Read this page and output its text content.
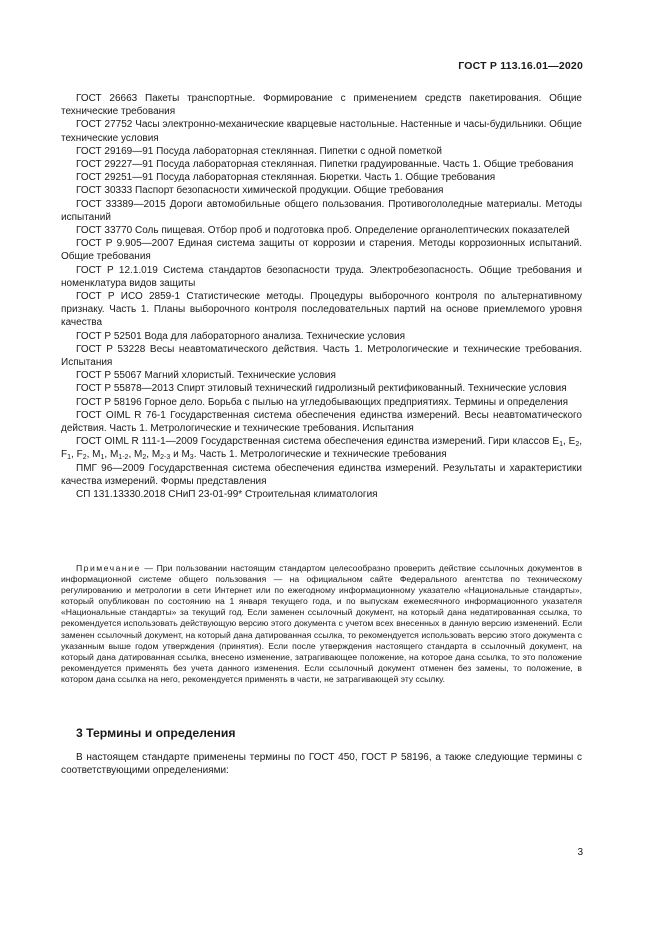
ГОСТ Р 113.16.01—2020

ГОСТ 26663 Пакеты транспортные. Формирование с применением средств пакетирования. Общие технические требования

ГОСТ 27752 Часы электронно-механические кварцевые настольные. Настенные и часы-будильники. Общие технические условия

ГОСТ 29169—91 Посуда лабораторная стеклянная. Пипетки с одной пометкой

ГОСТ 29227—91 Посуда лабораторная стеклянная. Пипетки градуированные. Часть 1. Общие требования

ГОСТ 29251—91 Посуда лабораторная стеклянная. Бюретки. Часть 1. Общие требования

ГОСТ 30333 Паспорт безопасности химической продукции. Общие требования

ГОСТ 33389—2015 Дороги автомобильные общего пользования. Противогололедные материалы. Методы испытаний

ГОСТ 33770 Соль пищевая. Отбор проб и подготовка проб. Определение органолептических показателей

ГОСТ Р 9.905—2007 Единая система защиты от коррозии и старения. Методы коррозионных испытаний. Общие требования

ГОСТ Р 12.1.019 Система стандартов безопасности труда. Электробезопасность. Общие требования и номенклатура видов защиты

ГОСТ Р ИСО 2859-1 Статистические методы. Процедуры выборочного контроля по альтернативному признаку. Часть 1. Планы выборочного контроля последовательных партий на основе приемлемого уровня качества

ГОСТ Р 52501 Вода для лабораторного анализа. Технические условия

ГОСТ Р 53228 Весы неавтоматического действия. Часть 1. Метрологические и технические требования. Испытания

ГОСТ Р 55067 Магний хлористый. Технические условия

ГОСТ Р 55878—2013 Спирт этиловый технический гидролизный ректификованный. Технические условия

ГОСТ Р 58196 Горное дело. Борьба с пылью на угледобывающих предприятиях. Термины и определения

ГОСТ OIML R 76-1 Государственная система обеспечения единства измерений. Весы неавтоматического действия. Часть 1. Метрологические и технические требования. Испытания

ГОСТ OIML R 111-1—2009 Государственная система обеспечения единства измерений. Гири классов $E_1$, $E_2$, $F_1$, $F_2$, $M_1$, $M_{1-2}$, $M_2$, $M_{2-3}$ и $M_3$. Часть 1. Метрологические и технические требования

ПМГ 96—2009 Государственная система обеспечения единства измерений. Результаты и характеристики качества измерений. Формы представления

СП 131.13330.2018 СНиП 23-01-99* Строительная климатология

Примечание — При пользовании настоящим стандартом целесообразно проверить действие ссылочных документов в информационной системе общего пользования — на официальном сайте Федерального агентства по техническому регулированию и метрологии в сети Интернет или по ежегодному информационному указателю «Национальные стандарты», который опубликован по состоянию на 1 января текущего года, и по выпускам ежемесячного информационного указателя «Национальные стандарты» за текущий год. Если заменен ссылочный документ, на который дана недатированная ссылка, то рекомендуется использовать действующую версию этого документа с учетом всех внесенных в данную версию изменений. Если заменен ссылочный документ, на который дана датированная ссылка, то рекомендуется использовать версию этого документа с указанным выше годом утверждения (принятия). Если после утверждения настоящего стандарта в ссылочный документ, на который дана датированная ссылка, внесено изменение, затрагивающее положение, на которое дана ссылка, то это положение рекомендуется применять без учета данного изменения. Если ссылочный документ отменен без замены, то положение, в котором дана ссылка на него, рекомендуется применять в части, не затрагивающей эту ссылку.

3 Термины и определения

В настоящем стандарте применены термины по ГОСТ 450, ГОСТ Р 58196, а также следующие термины с соответствующими определениями:

3
